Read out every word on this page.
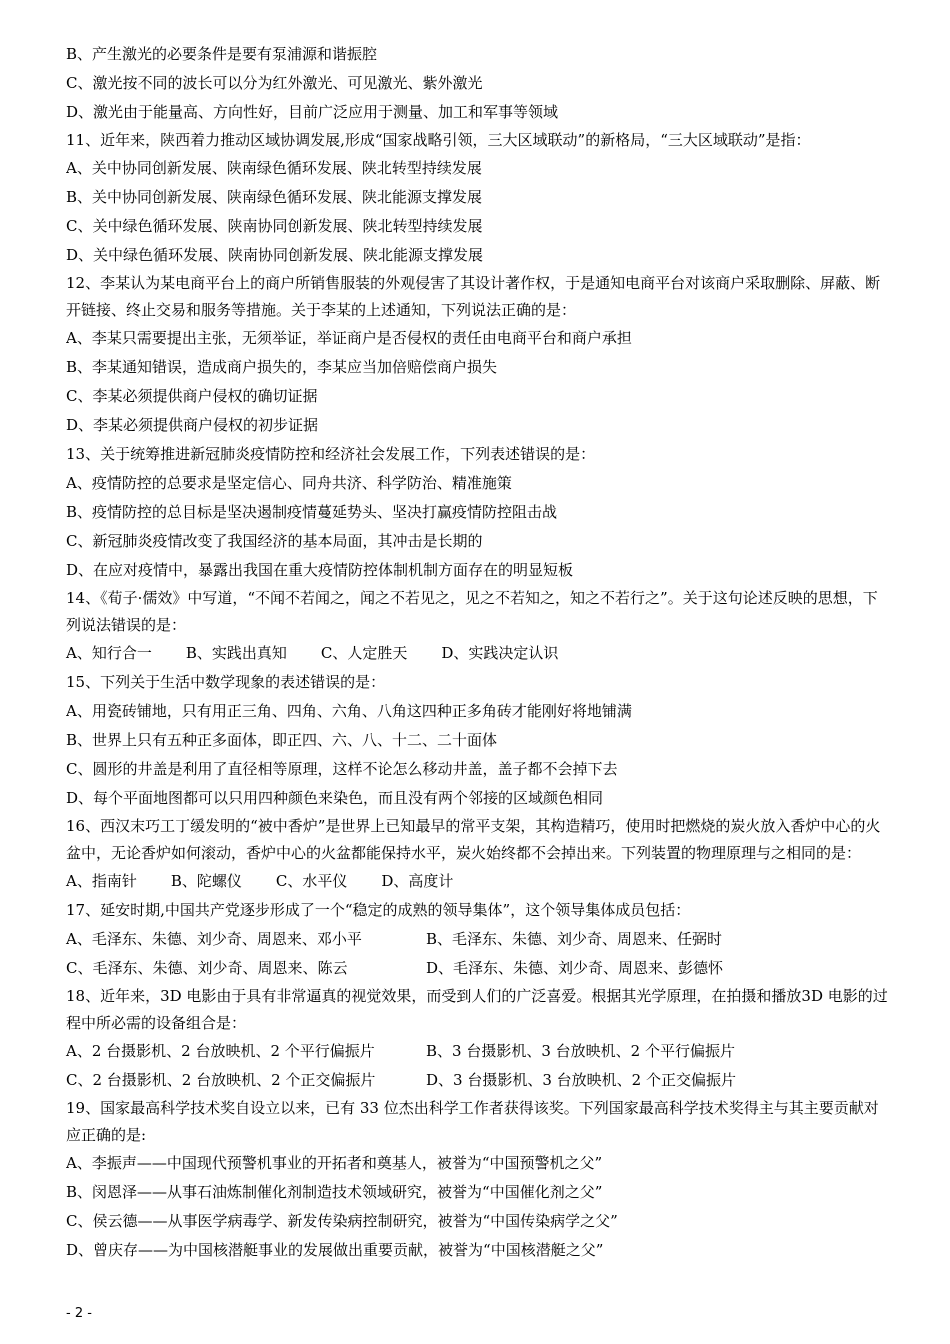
B、产生激光的必要条件是要有泵浦源和谐振腔
C、激光按不同的波长可以分为红外激光、可见激光、紫外激光
D、激光由于能量高、方向性好，目前广泛应用于测量、加工和军事等领域
11、近年来，陕西着力推动区域协调发展,形成“国家战略引领，三大区域联动”的新格局，“三大区域联动”是指：
A、关中协同创新发展、陕南绿色循环发展、陕北转型持续发展
B、关中协同创新发展、陕南绿色循环发展、陕北能源支撑发展
C、关中绿色循环发展、陕南协同创新发展、陕北转型持续发展
D、关中绿色循环发展、陕南协同创新发展、陕北能源支撑发展
12、李某认为某电商平台上的商户所销售服装的外观侵害了其设计著作权，于是通知电商平台对该商户采取删除、屏蔽、断开链接、终止交易和服务等措施。关于李某的上述通知，下列说法正确的是：
A、李某只需要提出主张，无须举证，举证商户是否侵权的责任由电商平台和商户承担
B、李某通知错误，造成商户损失的，李某应当加倍赔偿商户损失
C、李某必须提供商户侵权的确切证据
D、李某必须提供商户侵权的初步证据
13、关于统筹推进新冠肺炎疫情防控和经济社会发展工作，下列表述错误的是：
A、疫情防控的总要求是坚定信心、同舟共济、科学防治、精准施策
B、疫情防控的总目标是坚决遏制疫情蔓延势头、坚决打赢疫情防控阻击战
C、新冠肺炎疫情改变了我国经济的基本局面，其冲击是长期的
D、在应对疫情中，暴露出我国在重大疫情防控体制机制方面存在的明显短板
14、《荀子·儒效》中写道，“不闻不若闻之，闻之不若见之，见之不若知之，知之不若行之”。关于这句论述反映的思想，下列说法错误的是：
A、知行合一 B、实践出真知 C、人定胜天 D、实践决定认识
15、下列关于生活中数学现象的表述错误的是：
A、用瓷砖铺地，只有用正三角、四角、六角、八角这四种正多角砖才能刚好将地铺满
B、世界上只有五种正多面体，即正四、六、八、十二、二十面体
C、圆形的井盖是利用了直径相等原理，这样不论怎么移动井盖，盖子都不会掉下去
D、每个平面地图都可以只用四种颜色来染色，而且没有两个邻接的区域颜色相同
16、西汉末巧工丁缓发明的“被中香炉”是世界上已知最早的常平支架，其构造精巧，使用时把燃烧的炭火放入香炉中心的火盆中，无论香炉如何滚动，香炉中心的火盆都能保持水平，炭火始终都不会掉出来。下列装置的物理原理与之相同的是：
A、指南针 B、陀螺仪 C、水平仪 D、高度计
17、延安时期,中国共产党逐步形成了一个“稳定的成熟的领导集体”，这个领导集体成员包括：
A、毛泽东、朱德、刘少奇、周恩来、邓小平	B、毛泽东、朱德、刘少奇、周恩来、任弼时
C、毛泽东、朱德、刘少奇、周恩来、陈云	D、毛泽东、朱德、刘少奇、周恩来、彭德怀
18、近年来，3D 电影由于具有非常逼真的视觉效果，而受到人们的广泛喜爱。根据其光学原理，在拍摄和播放3D 电影的过程中所必需的设备组合是：
A、2 台摄影机、2 台放映机、2 个平行偏振片	B、3 台摄影机、3 台放映机、2 个平行偏振片
C、2 台摄影机、2 台放映机、2 个正交偏振片	D、3 台摄影机、3 台放映机、2 个正交偏振片
19、国家最高科学技术奖自设立以来，已有 33 位杰出科学工作者获得该奖。下列国家最高科学技术奖得主与其主要贡献对应正确的是:
A、李振声——中国现代预警机事业的开拓者和奠基人，被誉为“中国预警机之父”
B、闵恩泽——从事石油炼制催化剂制造技术领域研究，被誉为“中国催化剂之父”
C、侯云德——从事医学病毒学、新发传染病控制研究，被誉为“中国传染病学之父”
D、曾庆存——为中国核潜艇事业的发展做出重要贡献，被誉为“中国核潜艇之父”
- 2 -
